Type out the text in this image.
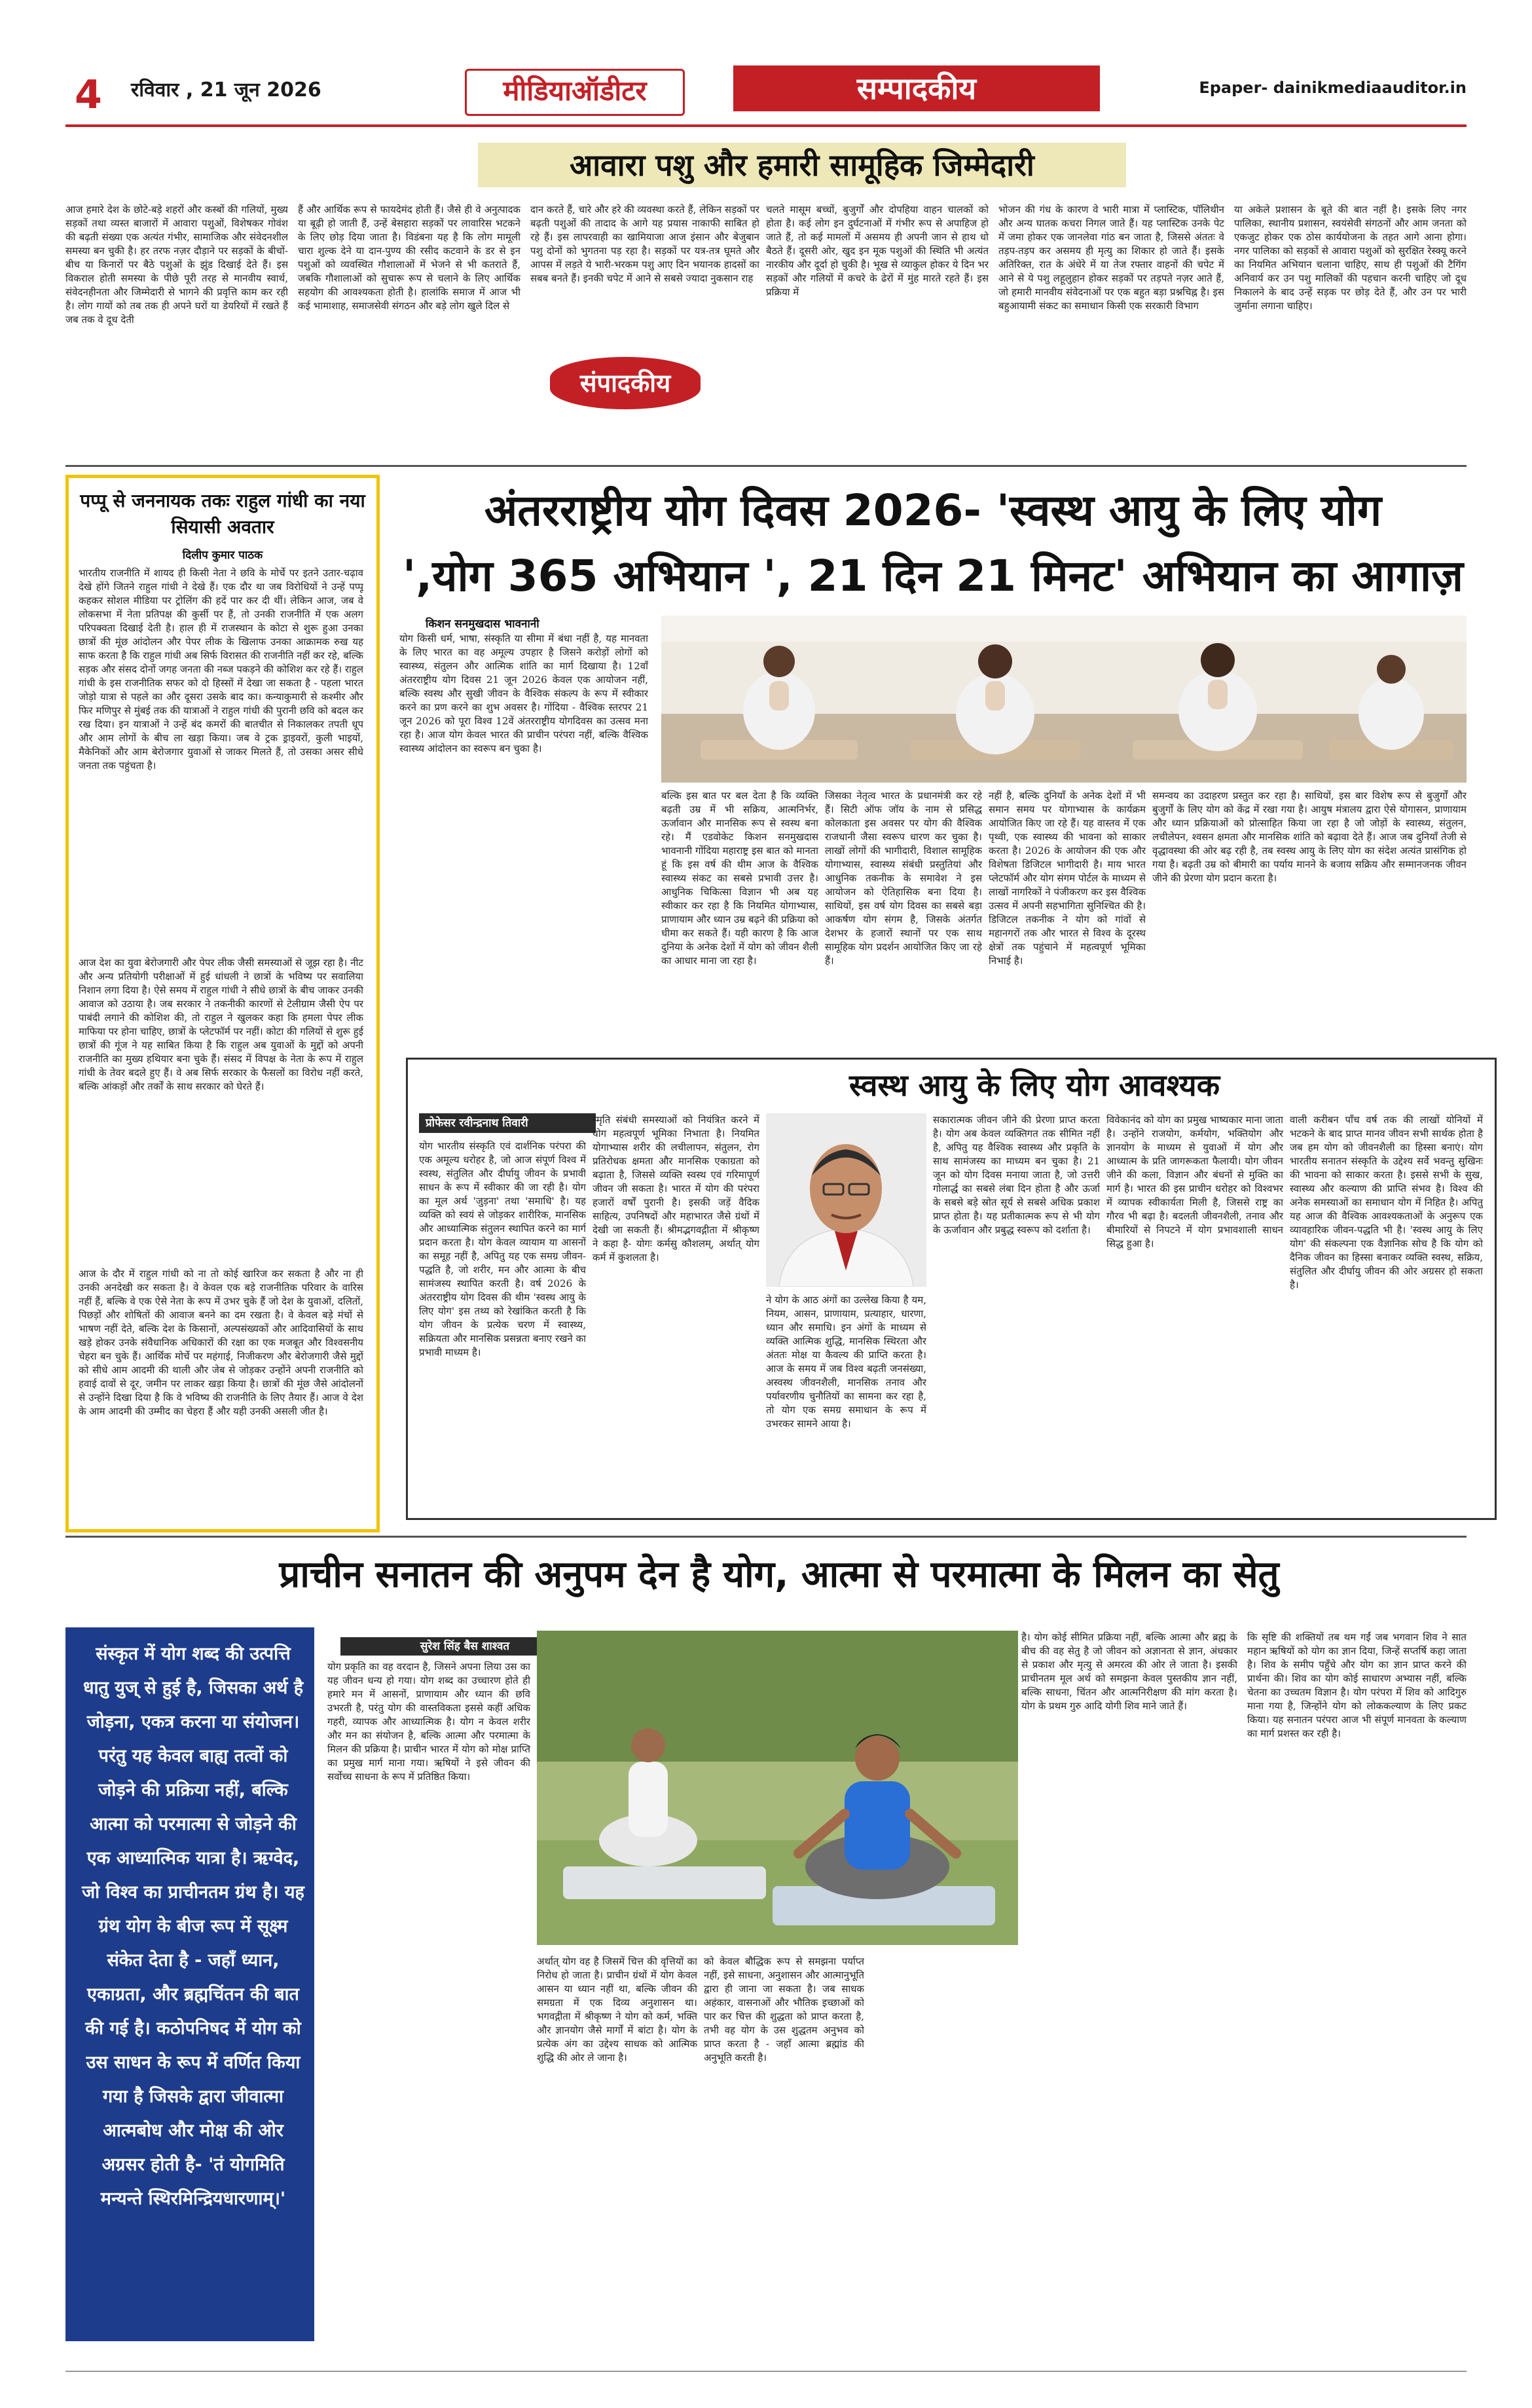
4	रविवार , 21 जून 2026	मीडियाऑडीटर	सम्पादकीय	Epaper- dainikmediaauditor.in
आवारा पशु और हमारी सामूहिक जिम्मेदारी
आज हमारे देश के छोटे-बड़े शहरों और कस्बों की गलियों, मुख्य सड़कों तथा व्यस्त बाजारों में आवारा पशुओं, विशेषकर गोवंश की बढ़ती संख्या एक अत्यंत गंभीर, सामाजिक और संवेदनशील समस्या बन चुकी है। हर तरफ नज़र दौड़ाने पर सड़कों के बीचों-बीच या किनारों पर बैठे पशुओं के झुंड दिखाई देते हैं। इस विकराल होती समस्या के पीछे पूरी तरह से मानवीय स्वार्थ, संवेदनहीनता और जिम्मेदारी से भागने की प्रवृत्ति काम कर रही है। लोग गायों को तब तक ही अपने घरों या डेयरियों में रखते हैं जब तक वे दूध देती
हैं और आर्थिक रूप से फायदेमंद होती हैं। जैसे ही वे अनुत्पादक या बूढ़ी हो जाती हैं, उन्हें बेसहारा सड़कों पर लावारिस भटकने के लिए छोड़ दिया जाता है। विडंबना यह है कि लोग मामूली चारा शुल्क देने या दान-पुण्य की रसीद कटवाने के डर से इन पशुओं को व्यवस्थित गौशालाओं में भेजने से भी कतराते हैं, जबकि गौशालाओं को सुचारू रूप से चलाने के लिए आर्थिक सहयोग की आवश्यकता होती है। हालांकि समाज में आज भी कई भामाशाह, समाजसेवी संगठन और बड़े लोग खुले दिल से
दान करते हैं, चारे और हरे की व्यवस्था करते हैं, लेकिन सड़कों पर बढ़ती पशुओं की तादाद के आगे यह प्रयास नाकाफी साबित हो रहे हैं। इस लापरवाही का खामियाजा आज इंसान और बेजुबान पशु दोनों को भुगतना पड़ रहा है। सड़कों पर यत्र-तत्र घूमते और आपस में लड़ते ये भारी-भरकम पशु आए दिन भयानक हादसों का सबब बनते हैं। इनकी चपेट में आने से सबसे ज्यादा नुकसान राह
संपादकीय
चलते मासूम बच्चों, बुजुर्गों और दोपहिया वाहन चालकों को होता है। कई लोग इन दुर्घटनाओं में गंभीर रूप से अपाहिज हो जाते हैं, तो कई मामलों में असमय ही अपनी जान से हाथ धो बैठते हैं। दूसरी ओर, खुद इन मूक पशुओं की स्थिति भी अत्यंत नारकीय और दूर्दा हो चुकी है। भूख से व्याकुल होकर ये दिन भर सड़कों और गलियों में कचरे के ढेरों में मुंह मारते रहते हैं। इस प्रक्रिया में
भोजन की गंध के कारण वे भारी मात्रा में प्लास्टिक, पॉलिथीन और अन्य घातक कचरा निगल जाते हैं। यह प्लास्टिक उनके पेट में जमा होकर एक जानलेवा गांठ बन जाता है, जिससे अंततः वे तड़प-तड़प कर असमय ही मृत्यु का शिकार हो जाते हैं। इसके अतिरिक्त, रात के अंधेरे में या तेज रफ्तार वाहनों की चपेट में आने से ये पशु लहूलुहान होकर सड़कों पर तड़पते नज़र आते हैं, जो हमारी मानवीय संवेदनाओं पर एक बहुत बड़ा प्रश्नचिह्न है। इस बहुआयामी संकट का समाधान किसी एक सरकारी विभाग
या अकेले प्रशासन के बूते की बात नहीं है। इसके लिए नगर पालिका, स्थानीय प्रशासन, स्वयंसेवी संगठनों और आम जनता को एकजुट होकर एक ठोस कार्ययोजना के तहत आगे आना होगा। नगर पालिका को सड़कों से आवारा पशुओं को सुरक्षित रेस्क्यू करने का नियमित अभियान चलाना चाहिए, साथ ही पशुओं की टैगिंग अनिवार्य कर उन पशु मालिकों की पहचान करनी चाहिए जो दूध निकालने के बाद उन्हें सड़क पर छोड़ देते हैं, और उन पर भारी जुर्माना लगाना चाहिए।
पप्पू से जननायक तकः राहुल गांधी का नया सियासी अवतार
दिलीप कुमार पाठक
भारतीय राजनीति में शायद ही किसी नेता ने छवि के मोर्चे पर इतने उतार-चढ़ाव देखे होंगे जितने राहुल गांधी ने देखे हैं। एक दौर था जब विरोधियों ने उन्हें पप्पू कहकर सोशल मीडिया पर ट्रोलिंग की हदें पार कर दी थीं। लेकिन आज, जब वे लोकसभा में नेता प्रतिपक्ष की कुर्सी पर हैं, तो उनकी राजनीति में एक अलग परिपक्वता दिखाई देती है। हाल ही में राजस्थान के कोटा से शुरू हुआ उनका छात्रों की मूंछ आंदोलन और पेपर लीक के खिलाफ उनका आक्रामक रुख यह साफ करता है कि राहुल गांधी अब सिर्फ विरासत की राजनीति नहीं कर रहे, बल्कि सड़क और संसद दोनों जगह जनता की नब्ज पकड़ने की कोशिश कर रहे हैं। राहुल गांधी के इस राजनीतिक सफर को दो हिस्सों में देखा जा सकता है - पहला भारत जोड़ो यात्रा से पहले का और दूसरा उसके बाद का। कन्याकुमारी से कश्मीर और फिर मणिपुर से मुंबई तक की यात्राओं ने राहुल गांधी की पुरानी छवि को बदल कर रख दिया। इन यात्राओं ने उन्हें बंद कमरों की बातचीत से निकालकर तपती धूप और आम लोगों के बीच ला खड़ा किया। जब वे ट्रक ड्राइवरों, कुली भाइयों, मैकेनिकों और आम बेरोजगार युवाओं से जाकर मिलते हैं, तो उसका असर सीधे जनता तक पहुंचता है।
आज देश का युवा बेरोजगारी और पेपर लीक जैसी समस्याओं से जूझ रहा है। नीट और अन्य प्रतियोगी परीक्षाओं में हुई धांधली ने छात्रों के भविष्य पर सवालिया निशान लगा दिया है। ऐसे समय में राहुल गांधी ने सीधे छात्रों के बीच जाकर उनकी आवाज को उठाया है। जब सरकार ने तकनीकी कारणों से टेलीग्राम जैसी ऐप पर पाबंदी लगाने की कोशिश की, तो राहुल ने खुलकर कहा कि हमला पेपर लीक माफिया पर होना चाहिए, छात्रों के प्लेटफॉर्म पर नहीं। कोटा की गलियों से शुरू हुई छात्रों की गूंज ने यह साबित किया है कि राहुल अब युवाओं के मुद्दों को अपनी राजनीति का मुख्य हथियार बना चुके हैं। संसद में विपक्ष के नेता के रूप में राहुल गांधी के तेवर बदले हुए हैं। वे अब सिर्फ सरकार के फैसलों का विरोध नहीं करते, बल्कि आंकड़ों और तर्कों के साथ सरकार को घेरते हैं।
आज के दौर में राहुल गांधी को ना तो कोई खारिज कर सकता है और ना ही उनकी अनदेखी कर सकता है। वे केवल एक बड़े राजनीतिक परिवार के वारिस नहीं हैं, बल्कि वे एक ऐसे नेता के रूप में उभर चुके हैं जो देश के युवाओं, दलितों, पिछड़ों और शोषितों की आवाज बनने का दम रखता है। वे केवल बड़े मंचों से भाषण नहीं देते, बल्कि देश के किसानों, अल्पसंख्यकों और आदिवासियों के साथ खड़े होकर उनके संवैधानिक अधिकारों की रक्षा का एक मजबूत और विश्वसनीय चेहरा बन चुके हैं। आर्थिक मोर्चे पर महंगाई, निजीकरण और बेरोजगारी जैसे मुद्दों को सीधे आम आदमी की थाली और जेब से जोड़कर उन्होंने अपनी राजनीति को हवाई दावों से दूर, जमीन पर लाकर खड़ा किया है। छात्रों की मूंछ जैसे आंदोलनों से उन्होंने दिखा दिया है कि वे भविष्य की राजनीति के लिए तैयार हैं। आज वे देश के आम आदमी की उम्मीद का चेहरा हैं और यही उनकी असली जीत है।
अंतरराष्ट्रीय योग दिवस 2026- 'स्वस्थ आयु के लिए योग
',योग 365 अभियान ', 21 दिन 21 मिनट' अभियान का आगाज़
किशन सनमुखदास भावनानी
योग किसी धर्म, भाषा, संस्कृति या सीमा में बंधा नहीं है, यह मानवता के लिए भारत का वह अमूल्य उपहार है जिसने करोड़ों लोगों को स्वास्थ्य, संतुलन और आत्मिक शांति का मार्ग दिखाया है। 12वाँ अंतरराष्ट्रीय योग दिवस 21 जून 2026 केवल एक आयोजन नहीं, बल्कि स्वस्थ और सुखी जीवन के वैश्विक संकल्प के रूप में स्वीकार करने का प्रण करने का शुभ अवसर है। गोंदिया - वैश्विक स्तरपर 21 जून 2026 को पूरा विश्व 12वें अंतरराष्ट्रीय योगदिवस का उत्सव मना रहा है। आज योग केवल भारत की प्राचीन परंपरा नहीं, बल्कि वैश्विक स्वास्थ्य आंदोलन का स्वरूप बन चुका है।
बल्कि इस बात पर बल देता है कि व्यक्ति बढ़ती उम्र में भी सक्रिय, आत्मनिर्भर, ऊर्जावान और मानसिक रूप से स्वस्थ बना रहे। मैं एडवोकेट किशन सनमुखदास भावनानी गोंदिया महाराष्ट्र इस बात को मानता हूं कि इस वर्ष की थीम आज के वैश्विक स्वास्थ्य संकट का सबसे प्रभावी उत्तर है। आधुनिक चिकित्सा विज्ञान भी अब यह स्वीकार कर रहा है कि नियमित योगाभ्यास, प्राणायाम और ध्यान उम्र बढ़ने की प्रक्रिया को धीमा कर सकते हैं। यही कारण है कि आज दुनिया के अनेक देशों में योग को जीवन शैली का आधार माना जा रहा है।
जिसका नेतृत्व भारत के प्रधानमंत्री कर रहे हैं। सिटी ऑफ जॉय के नाम से प्रसिद्ध कोलकाता इस अवसर पर योग की वैश्विक राजधानी जैसा स्वरूप धारण कर चुका है। लाखों लोगों की भागीदारी, विशाल सामूहिक योगाभ्यास, स्वास्थ्य संबंधी प्रस्तुतियां और आधुनिक तकनीक के समावेश ने इस आयोजन को ऐतिहासिक बना दिया है। साथियों, इस वर्ष योग दिवस का सबसे बड़ा आकर्षण योग संगम है, जिसके अंतर्गत देशभर के हजारों स्थानों पर एक साथ सामूहिक योग प्रदर्शन आयोजित किए जा रहे हैं।
नहीं है, बल्कि दुनियाँ के अनेक देशों में भी समान समय पर योगाभ्यास के कार्यक्रम आयोजित किए जा रहे हैं। यह वास्तव में एक पृथ्वी, एक स्वास्थ्य की भावना को साकार करता है। 2026 के आयोजन की एक और विशेषता डिजिटल भागीदारी है। माय भारत प्लेटफॉर्म और योग संगम पोर्टल के माध्यम से लाखों नागरिकों ने पंजीकरण कर इस वैश्विक उत्सव में अपनी सहभागिता सुनिश्चित की है। डिजिटल तकनीक ने योग को गांवों से महानगरों तक और भारत से विश्व के दूरस्थ क्षेत्रों तक पहुंचाने में महत्वपूर्ण भूमिका निभाई है।
समन्वय का उदाहरण प्रस्तुत कर रहा है। साथियों, इस बार विशेष रूप से बुजुर्गों और बुजुर्गों के लिए योग को केंद्र में रखा गया है। आयुष मंत्रालय द्वारा ऐसे योगासन, प्राणायाम और ध्यान प्रक्रियाओं को प्रोत्साहित किया जा रहा है जो जोड़ों के स्वास्थ्य, संतुलन, लचीलेपन, श्वसन क्षमता और मानसिक शांति को बढ़ावा देते हैं। आज जब दुनियाँ तेजी से वृद्धावस्था की ओर बढ़ रही है, तब स्वस्थ आयु के लिए योग का संदेश अत्यंत प्रासंगिक हो गया है। बढ़ती उम्र को बीमारी का पर्याय मानने के बजाय सक्रिय और सम्मानजनक जीवन जीने की प्रेरणा योग प्रदान करता है।
स्वस्थ आयु के लिए योग आवश्यक
प्रोफेसर रवीन्द्रनाथ तिवारी
योग भारतीय संस्कृति एवं दार्शनिक परंपरा की एक अमूल्य धरोहर है, जो आज संपूर्ण विश्व में स्वस्थ, संतुलित और दीर्घायु जीवन के प्रभावी साधन के रूप में स्वीकार की जा रही है। योग का मूल अर्थ 'जुड़ना' तथा 'समाधि' है। यह व्यक्ति को स्वयं से जोड़कर शारीरिक, मानसिक और आध्यात्मिक संतुलन स्थापित करने का मार्ग प्रदान करता है। योग केवल व्यायाम या आसनों का समूह नहीं है, अपितु यह एक समग्र जीवन-पद्धति है, जो शरीर, मन और आत्मा के बीच सामंजस्य स्थापित करती है। वर्ष 2026 के अंतरराष्ट्रीय योग दिवस की थीम 'स्वस्थ आयु के लिए योग' इस तथ्य को रेखांकित करती है कि योग जीवन के प्रत्येक चरण में स्वास्थ्य, सक्रियता और मानसिक प्रसन्नता बनाए रखने का प्रभावी माध्यम है।
स्मृति संबंधी समस्याओं को नियंत्रित करने में योग महत्वपूर्ण भूमिका निभाता है। नियमित योगाभ्यास शरीर की लचीलापन, संतुलन, रोग प्रतिरोधक क्षमता और मानसिक एकाग्रता को बढ़ाता है, जिससे व्यक्ति स्वस्थ एवं गरिमापूर्ण जीवन जी सकता है। भारत में योग की परंपरा हजारों वर्षों पुरानी है। इसकी जड़ें वैदिक साहित्य, उपनिषदों और महाभारत जैसे ग्रंथों में देखी जा सकती हैं। श्रीमद्भगवद्गीता में श्रीकृष्ण ने कहा है- योगः कर्मसु कौशलम्, अर्थात् योग कर्म में कुशलता है।
ने योग के आठ अंगों का उल्लेख किया है यम, नियम, आसन, प्राणायाम, प्रत्याहार, धारणा, ध्यान और समाधि। इन अंगों के माध्यम से व्यक्ति आत्मिक शुद्धि, मानसिक स्थिरता और अंततः मोक्ष या कैवल्य की प्राप्ति करता है। आज के समय में जब विश्व बढ़ती जनसंख्या, अस्वस्थ जीवनशैली, मानसिक तनाव और पर्यावरणीय चुनौतियों का सामना कर रहा है, तो योग एक समग्र समाधान के रूप में उभरकर सामने आया है।
सकारात्मक जीवन जीने की प्रेरणा प्राप्त करता है। योग अब केवल व्यक्तिगत तक सीमित नहीं है, अपितु यह वैश्विक स्वास्थ्य और प्रकृति के साथ सामंजस्य का माध्यम बन चुका है। 21 जून को योग दिवस मनाया जाता है, जो उत्तरी गोलार्द्ध का सबसे लंबा दिन होता है और ऊर्जा के सबसे बड़े स्रोत सूर्य से सबसे अधिक प्रकाश प्राप्त होता है। यह प्रतीकात्मक रूप से भी योग के ऊर्जावान और प्रबुद्ध स्वरूप को दर्शाता है।
विवेकानंद को योग का प्रमुख भाष्यकार माना जाता है। उन्होंने राजयोग, कर्मयोग, भक्तियोग और ज्ञानयोग के माध्यम से युवाओं में योग और आध्यात्म के प्रति जागरूकता फैलायी। योग जीवन जीने की कला, विज्ञान और बंधनों से मुक्ति का मार्ग है। भारत की इस प्राचीन धरोहर को विश्वभर में व्यापक स्वीकार्यता मिली है, जिससे राष्ट्र का गौरव भी बढ़ा है। बदलती जीवनशैली, तनाव और बीमारियों से निपटने में योग प्रभावशाली साधन सिद्ध हुआ है।
वाली करीबन पाँच वर्ष तक की लाखों योनियों में भटकने के बाद प्राप्त मानव जीवन सभी सार्थक होता है जब हम योग को जीवनशैली का हिस्सा बनाएं। योग भारतीय सनातन संस्कृति के उद्देश्य सर्वे भवन्तु सुखिनः की भावना को साकार करता है। इससे सभी के सुख, स्वास्थ्य और कल्याण की प्राप्ति संभव है। विश्व की अनेक समस्याओं का समाधान योग में निहित है। अपितु यह आज की वैश्विक आवश्यकताओं के अनुरूप एक व्यावहारिक जीवन-पद्धति भी है। 'स्वस्थ आयु के लिए योग' की संकल्पना एक वैज्ञानिक सोच है कि योग को दैनिक जीवन का हिस्सा बनाकर व्यक्ति स्वस्थ, सक्रिय, संतुलित और दीर्घायु जीवन की ओर अग्रसर हो सकता है।
प्राचीन सनातन की अनुपम देन है योग, आत्मा से परमात्मा के मिलन का सेतु
संस्कृत में योग शब्द की उत्पत्ति धातु युज् से हुई है, जिसका अर्थ है जोड़ना, एकत्र करना या संयोजन। परंतु यह केवल बाह्य तत्वों को जोड़ने की प्रक्रिया नहीं, बल्कि आत्मा को परमात्मा से जोड़ने की एक आध्यात्मिक यात्रा है। ऋग्वेद, जो विश्व का प्राचीनतम ग्रंथ है। यह ग्रंथ योग के बीज रूप में सूक्ष्म संकेत देता है - जहाँ ध्यान, एकाग्रता, और ब्रह्मचिंतन की बात की गई है। कठोपनिषद में योग को उस साधन के रूप में वर्णित किया गया है जिसके द्वारा जीवात्मा आत्मबोध और मोक्ष की ओर अग्रसर होती है- 'तं योगमिति मन्यन्ते स्थिरमिन्द्रियधारणाम्।'
सुरेश सिंह बैस शाश्वत
योग प्रकृति का वह वरदान है, जिसने अपना लिया उस का यह जीवन धन्य हो गया। योग शब्द का उच्चारण होते ही हमारे मन में आसनों, प्राणायाम और ध्यान की छवि उभरती है, परंतु योग की वास्तविकता इससे कहीं अधिक गहरी, व्यापक और आध्यात्मिक है। योग न केवल शरीर और मन का संयोजन है, बल्कि आत्मा और परमात्मा के मिलन की प्रक्रिया है। प्राचीन भारत में योग को मोक्ष प्राप्ति का प्रमुख मार्ग माना गया। ऋषियों ने इसे जीवन की सर्वोच्च साधना के रूप में प्रतिष्ठित किया।
अर्थात् योग वह है जिसमें चित्त की वृत्तियों का निरोध हो जाता है। प्राचीन ग्रंथों में योग केवल आसन या ध्यान नहीं था, बल्कि जीवन की समग्रता में एक दिव्य अनुशासन था। भगवद्गीता में श्रीकृष्ण ने योग को कर्म, भक्ति और ज्ञानयोग जैसे मार्गों में बांटा है। योग के प्रत्येक अंग का उद्देश्य साधक को आत्मिक शुद्धि की ओर ले जाना है।
को केवल बौद्धिक रूप से समझना पर्याप्त नहीं, इसे साधना, अनुशासन और आत्मानुभूति द्वारा ही जाना जा सकता है। जब साधक अहंकार, वासनाओं और भौतिक इच्छाओं को पार कर चित्त की शुद्धता को प्राप्त करता है, तभी वह योग के उस शुद्धतम अनुभव को प्राप्त करता है - जहाँ आत्मा ब्रह्मांड की अनुभूति करती है।
है। योग कोई सीमित प्रक्रिया नहीं, बल्कि आत्मा और ब्रह्म के बीच की वह सेतु है जो जीवन को अज्ञानता से ज्ञान, अंधकार से प्रकाश और मृत्यु से अमरत्व की ओर ले जाता है। इसकी प्राचीनतम मूल अर्थ को समझना केवल पुस्तकीय ज्ञान नहीं, बल्कि साधना, चिंतन और आत्मनिरीक्षण की मांग करता है। योग के प्रथम गुरु आदि योगी शिव माने जाते हैं।
कि सृष्टि की शक्तियों तब थम गईं जब भगवान शिव ने सात महान ऋषियों को योग का ज्ञान दिया, जिन्हें सप्तर्षि कहा जाता है। शिव के समीप पहुँचे और योग का ज्ञान प्राप्त करने की प्रार्थना की। शिव का योग कोई साधारण अभ्यास नहीं, बल्कि चेतना का उच्चतम विज्ञान है। योग परंपरा में शिव को आदिगुरु माना गया है, जिन्होंने योग को लोककल्याण के लिए प्रकट किया। यह सनातन परंपरा आज भी संपूर्ण मानवता के कल्याण का मार्ग प्रशस्त कर रही है।
